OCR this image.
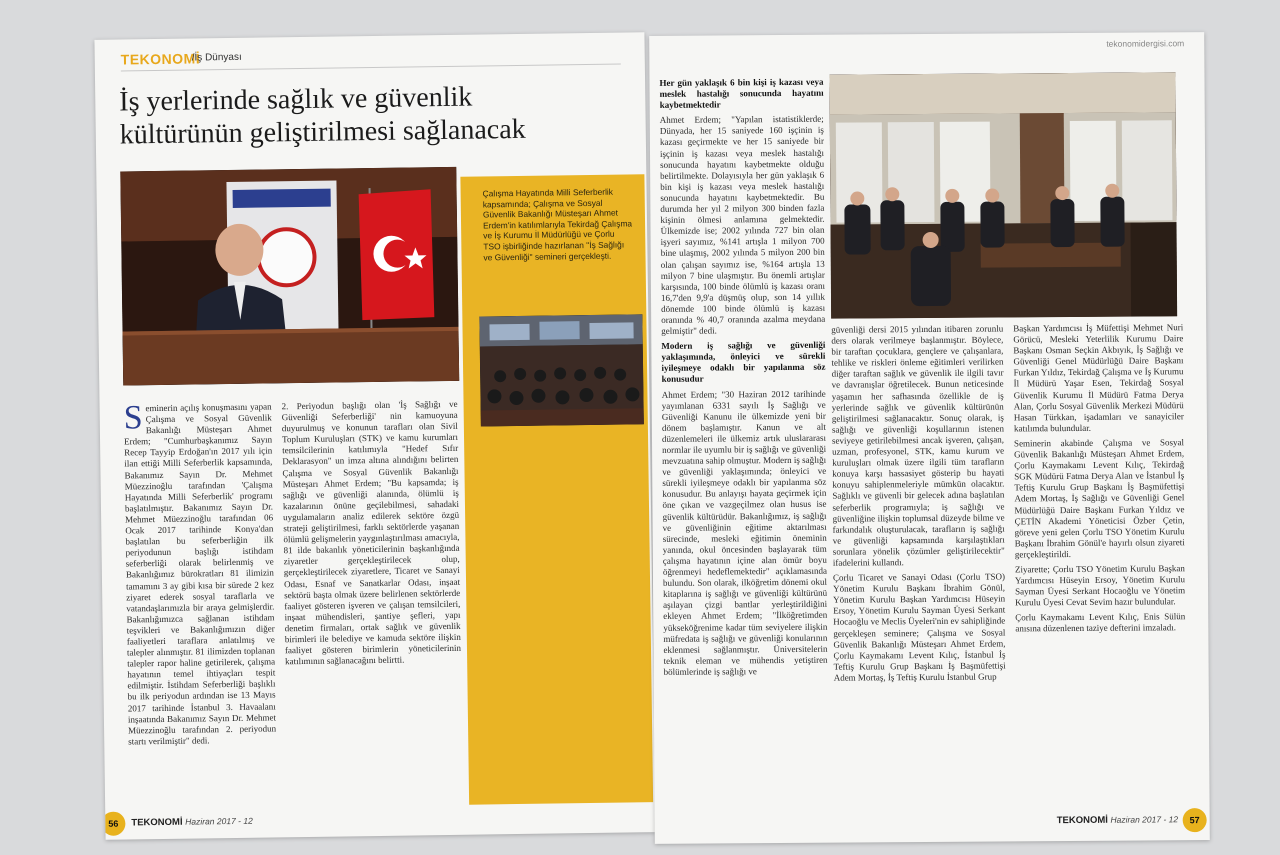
TEKONOMİ
/İş Dünyası
İş yerlerinde sağlık ve güvenlik kültürünün geliştirilmesi sağlanacak

Seminerin açılış konuşmasını yapan Çalışma ve Sosyal Güvenlik Bakanlığı Müsteşarı Ahmet Erdem; "Cumhurbaşkanımız Sayın Recep Tayyip Erdoğan'ın 2017 yılı için ilan ettiği Milli Seferberlik kapsamında, Bakanımız Sayın Dr. Mehmet Müezzinoğlu tarafından 'Çalışma Hayatında Milli Seferberlik' programı başlatılmıştır. Bakanımız Sayın Dr. Mehmet Müezzinoğlu tarafından 06 Ocak 2017 tarihinde Konya'dan başlatılan bu seferberliğin ilk periyodunun başlığı istihdam seferberliği olarak belirlenmiş ve Bakanlığımız bürokratları 81 ilimizin tamamını 3 ay gibi kısa bir sürede 2 kez ziyaret ederek sosyal taraflarla ve vatandaşlarımızla bir araya gelmişlerdir. Bakanlığımızca sağlanan istihdam teşvikleri ve Bakanlığımızın diğer faaliyetleri taraflara anlatılmış ve talepler alınmıştır. 81 ilimizden toplanan talepler rapor haline getirilerek, çalışma hayatının temel ihtiyaçları tespit edilmiştir. İstihdam Seferberliği başlıklı bu ilk periyodun ardından ise 13 Mayıs 2017 tarihinde İstanbul 3. Havaalanı inşaatında Bakanımız Sayın Dr. Mehmet Müezzinoğlu tarafından 2. periyodun startı verilmiştir" dedi.

2. Periyodun başlığı olan 'İş Sağlığı ve Güvenliği Seferberliği' nin kamuoyuna duyurulmuş ve konunun tarafları olan Sivil Toplum Kuruluşları (STK) ve kamu kurumları temsilcilerinin katılımıyla "Hedef Sıfır Deklarasyon" un imza altına alındığını belirten Çalışma ve Sosyal Güvenlik Bakanlığı Müsteşarı Ahmet Erdem; "Bu kapsamda; iş sağlığı ve güvenliği alanında, ölümlü iş kazalarının önüne geçilebilmesi, sahadaki uygulamaların analiz edilerek sektöre özgü strateji geliştirilmesi, farklı sektörlerde yaşanan ölümlü gelişmelerin yaygınlaştırılması amacıyla, 81 ilde bakanlık yöneticilerinin başkanlığında ziyaretler gerçekleştirilecek olup, gerçekleştirilecek ziyaretlere, Ticaret ve Sanayi Odası, Esnaf ve Sanatkarlar Odası, inşaat sektörü başta olmak üzere belirlenen sektörlerde faaliyet gösteren işveren ve çalışan temsilcileri, inşaat mühendisleri, şantiye şefleri, yapı denetim firmaları, ortak sağlık ve güvenlik birimleri ile belediye ve kamuda sektöre ilişkin faaliyet gösteren birimlerin yöneticilerinin katılımının sağlanacağını belirtti.

Çalışma Hayatında Milli Seferberlik kapsamında; Çalışma ve Sosyal Güvenlik Bakanlığı Müsteşarı Ahmet Erdem'in katılımlarıyla Tekirdağ Çalışma ve İş Kurumu İl Müdürlüğü ve Çorlu TSO işbirliğinde hazırlanan "İş Sağlığı ve Güvenliği" semineri gerçekleşti.
56	TEKONOMİ Haziran 2017 - 12
tekonomidergisi.com

Her gün yaklaşık 6 bin kişi iş kazası veya meslek hastalığı sonucunda hayatını kaybetmektedir

Ahmet Erdem; "Yapılan istatistiklerde; Dünyada, her 15 saniyede 160 işçinin iş kazası geçirmekte ve her 15 saniyede bir işçinin iş kazası veya meslek hastalığı sonucunda hayatını kaybetmekte olduğu belirtilmekte. Dolayısıyla her gün yaklaşık 6 bin kişi iş kazası veya meslek hastalığı sonucunda hayatını kaybetmektedir. Bu durumda her yıl 2 milyon 300 binden fazla kişinin ölmesi anlamına gelmektedir. Ülkemizde ise; 2002 yılında 727 bin olan işyeri sayımız, %141 artışla 1 milyon 700 bine ulaşmış, 2002 yılında 5 milyon 200 bin olan çalışan sayımız ise, %164 artışla 13 milyon 7 bine ulaşmıştır. Bu önemli artışlar karşısında, 100 binde ölümlü iş kazası oranı 16,7'den 9,9'a düşmüş olup, son 14 yıllık dönemde 100 binde ölümlü iş kazası oranında % 40,7 oranında azalma meydana gelmiştir" dedi.

Modern iş sağlığı ve güvenliği yaklaşımında, önleyici ve sürekli iyileşmeye odaklı bir yapılanma söz konusudur

Ahmet Erdem; "30 Haziran 2012 tarihinde yayımlanan 6331 sayılı İş Sağlığı ve Güvenliği Kanunu ile ülkemizde yeni bir dönem başlamıştır. Kanun ve alt düzenlemeleri ile ülkemiz artık uluslararası normlar ile uyumlu bir iş sağlığı ve güvenliği mevzuatına sahip olmuştur. Modern iş sağlığı ve güvenliği yaklaşımında; önleyici ve sürekli iyileşmeye odaklı bir yapılanma söz konusudur. Bu anlayışı hayata geçirmek için öne çıkan ve vazgeçilmez olan husus ise güvenlik kültürüdür. Bakanlığımız, iş sağlığı ve güvenliğinin eğitime aktarılması sürecinde, mesleki eğitimin öneminin yanında, okul öncesinden başlayarak tüm çalışma hayatının içine alan ömür boyu öğrenmeyi hedeflemektedir" açıklamasında bulundu. Son olarak, ilköğretim dönemi okul kitaplarına iş sağlığı ve güvenliği kültürünü aşılayan çizgi bantlar yerleştirildiğini ekleyen Ahmet Erdem; "İlköğretimden yükseköğrenime kadar tüm seviyelere ilişkin müfredata iş sağlığı ve güvenliği konularının eklenmesi sağlanmıştır. Üniversitelerin teknik eleman ve mühendis yetiştiren bölümlerinde iş sağlığı ve

güvenliği dersi 2015 yılından itibaren zorunlu ders olarak verilmeye başlanmıştır. Böylece, bir taraftan çocuklara, gençlere ve çalışanlara, tehlike ve riskleri önleme eğitimleri verilirken diğer taraftan sağlık ve güvenlik ile ilgili tavır ve davranışlar öğretilecek. Bunun neticesinde yaşamın her safhasında özellikle de iş yerlerinde sağlık ve güvenlik kültürünün geliştirilmesi sağlanacaktır. Sonuç olarak, iş sağlığı ve güvenliği koşullarının istenen seviyeye getirilebilmesi ancak işveren, çalışan, uzman, profesyonel, STK, kamu kurum ve kuruluşları olmak üzere ilgili tüm tarafların konuya karşı hassasiyet gösterip bu hayati konuyu sahiplenmeleriyle mümkün olacaktır. Sağlıklı ve güvenli bir gelecek adına başlatılan seferberlik programıyla; iş sağlığı ve güvenliğine ilişkin toplumsal düzeyde bilme ve farkındalık oluşturulacak, tarafların iş sağlığı ve güvenliği kapsamında karşılaştıkları sorunlara yönelik çözümler geliştirilecektir" ifadelerini kullandı.

Çorlu Ticaret ve Sanayi Odası (Çorlu TSO) Yönetim Kurulu Başkanı İbrahim Gönül, Yönetim Kurulu Başkan Yardımcısı Hüseyin Ersoy, Yönetim Kurulu Sayman Üyesi Serkant Hocaoğlu ve Meclis Üyeleri'nin ev sahipliğinde gerçekleşen seminere; Çalışma ve Sosyal Güvenlik Bakanlığı Müsteşarı Ahmet Erdem, Çorlu Kaymakamı Levent Kılıç, İstanbul İş Teftiş Kurulu Grup Başkanı İş Başmüfettişi Adem Mortaş, İş Teftiş Kurulu İstanbul Grup

Başkan Yardımcısı İş Müfettişi Mehmet Nuri Görücü, Mesleki Yeterlilik Kurumu Daire Başkanı Osman Seçkin Akbıyık, İş Sağlığı ve Güvenliği Genel Müdürlüğü Daire Başkanı Furkan Yıldız, Tekirdağ Çalışma ve İş Kurumu İl Müdürü Yaşar Esen, Tekirdağ Sosyal Güvenlik Kurumu İl Müdürü Fatma Derya Alan, Çorlu Sosyal Güvenlik Merkezi Müdürü Hasan Türkkan, işadamları ve sanayiciler katılımda bulundular.

Seminerin akabinde Çalışma ve Sosyal Güvenlik Bakanlığı Müsteşarı Ahmet Erdem, Çorlu Kaymakamı Levent Kılıç, Tekirdağ SGK Müdürü Fatma Derya Alan ve İstanbul İş Teftiş Kurulu Grup Başkanı İş Başmüfettişi Adem Mortaş, İş Sağlığı ve Güvenliği Genel Müdürlüğü Daire Başkanı Furkan Yıldız ve ÇETİN Akademi Yöneticisi Özber Çetin, göreve yeni gelen Çorlu TSO Yönetim Kurulu Başkanı İbrahim Gönül'e hayırlı olsun ziyareti gerçekleştirildi.

Ziyarette; Çorlu TSO Yönetim Kurulu Başkan Yardımcısı Hüseyin Ersoy, Yönetim Kurulu Sayman Üyesi Serkant Hocaoğlu ve Yönetim Kurulu Üyesi Cevat Sevim hazır bulundular.

Çorlu Kaymakamı Levent Kılıç, Enis Sülün anısına düzenlenen taziye defterini imzaladı.

TEKONOMİ Haziran 2017 - 12	57
